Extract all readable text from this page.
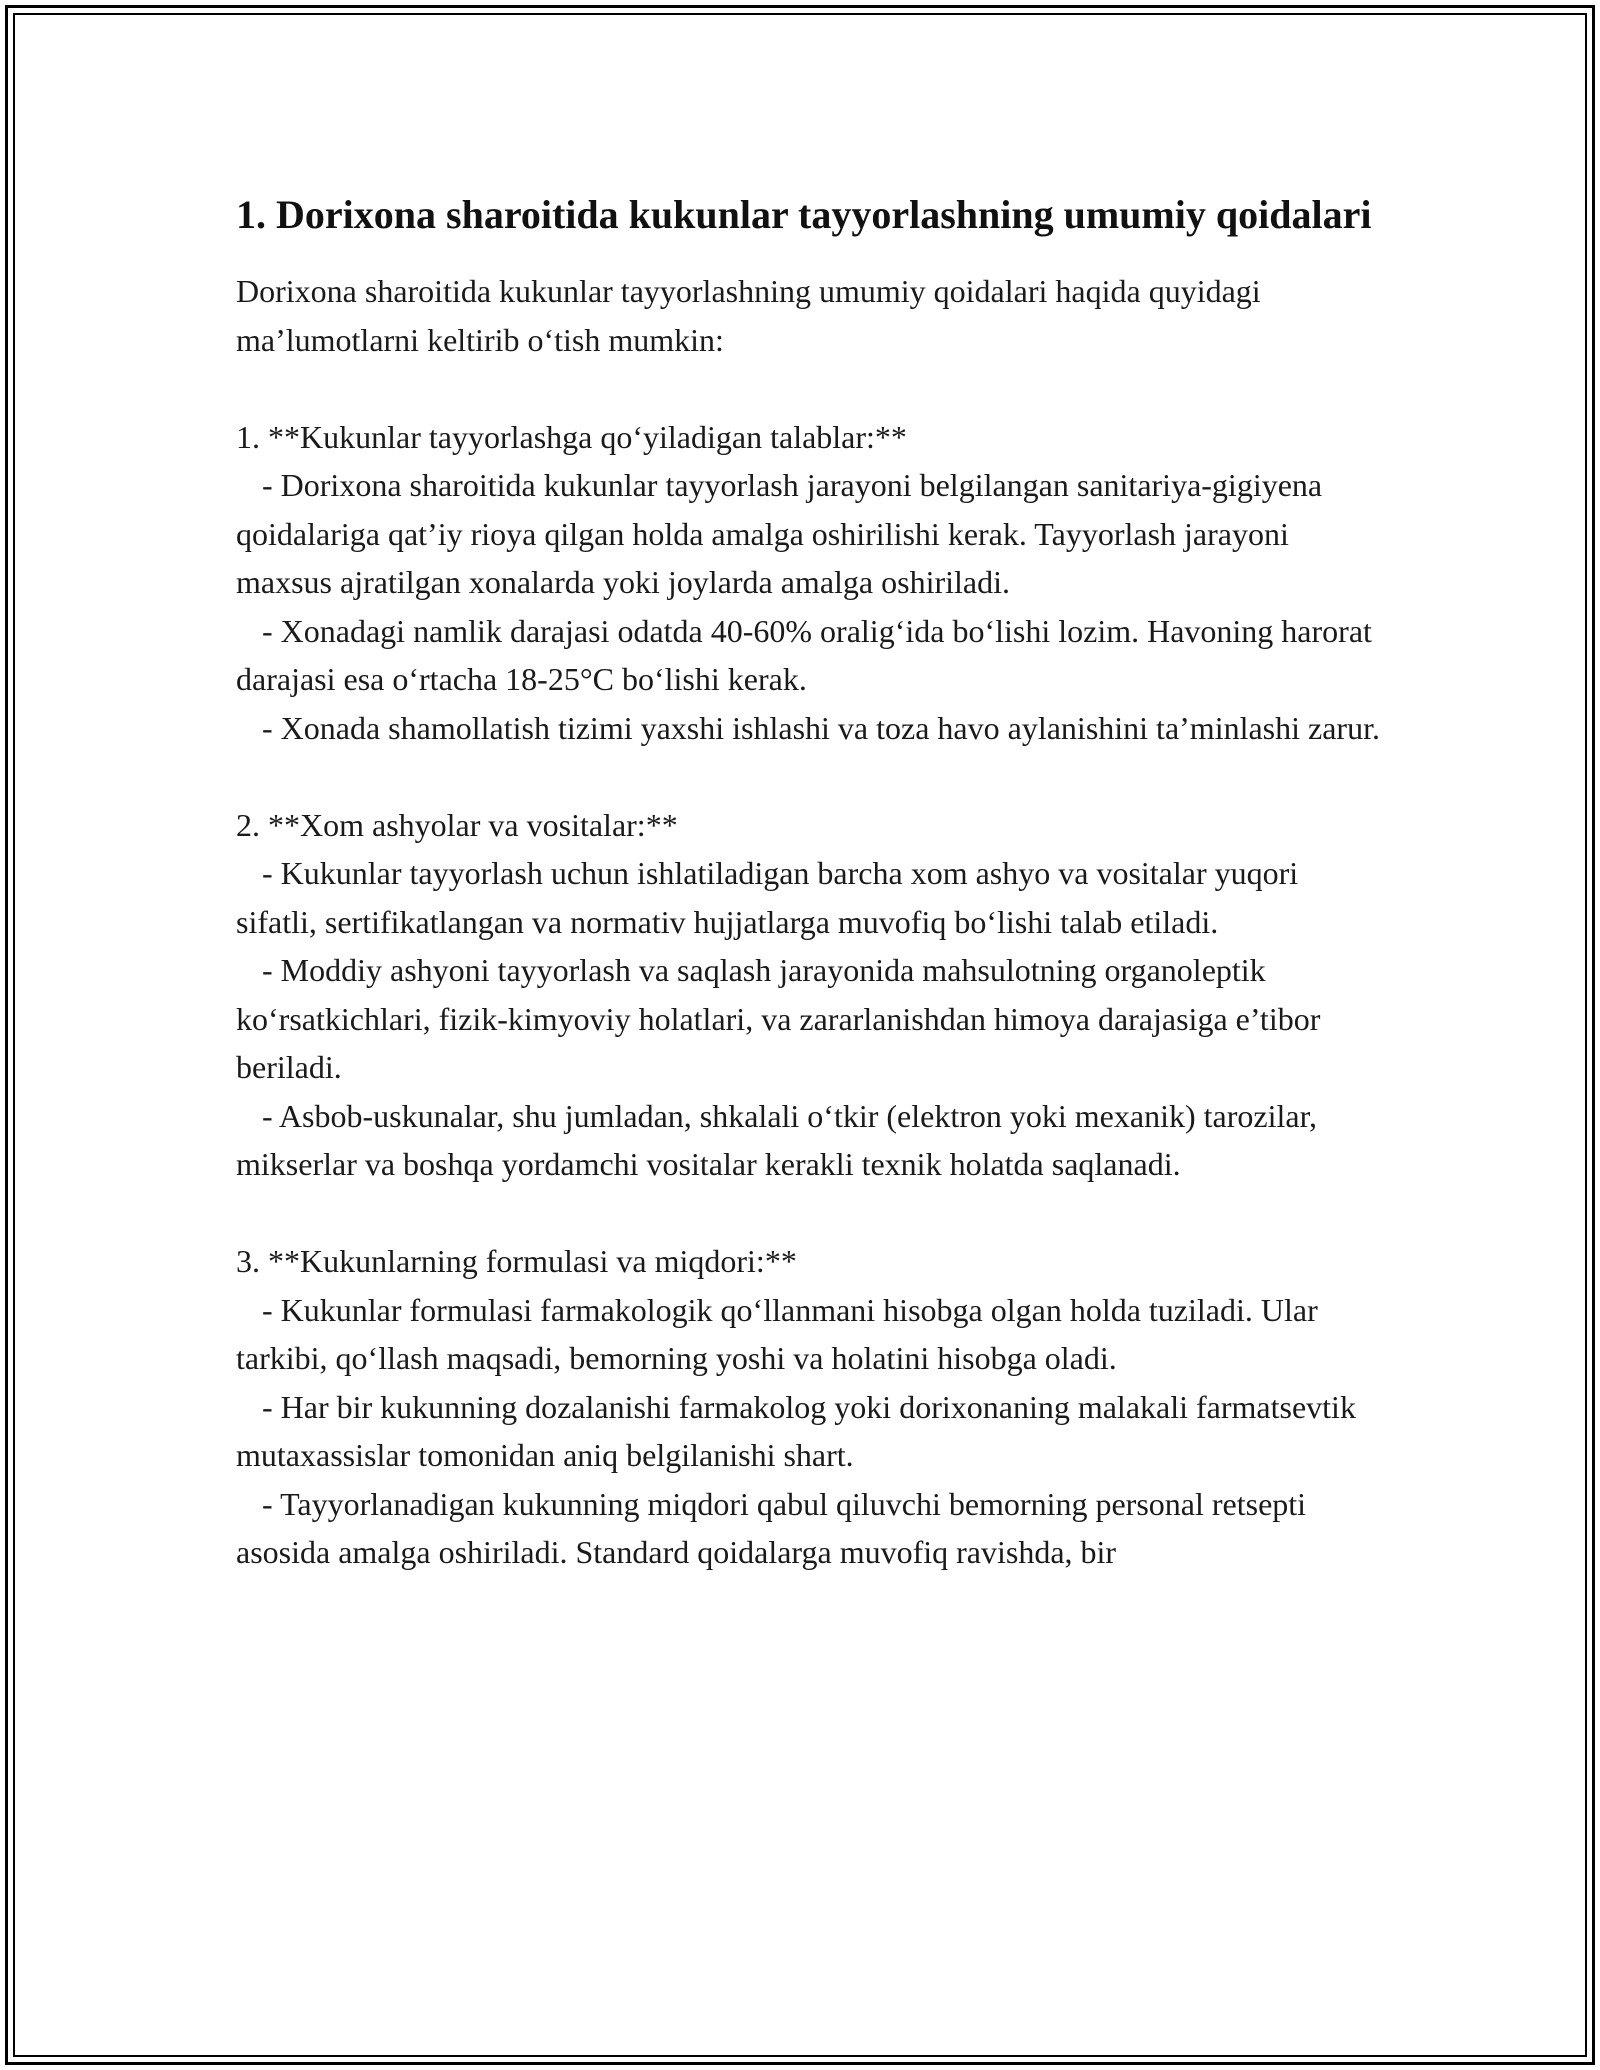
1. Dorixona sharoitida kukunlar tayyorlashning umumiy qoidalari

Dorixona sharoitida kukunlar tayyorlashning umumiy qoidalari haqida quyidagi ma’lumotlarni keltirib o‘tish mumkin:

1. **Kukunlar tayyorlashga qo‘yiladigan talablar:**

- Dorixona sharoitida kukunlar tayyorlash jarayoni belgilangan sanitariya-gigiyena qoidalariga qat’iy rioya qilgan holda amalga oshirilishi kerak. Tayyorlash jarayoni maxsus ajratilgan xonalarda yoki joylarda amalga oshiriladi.

- Xonadagi namlik darajasi odatda 40-60% oralig‘ida bo‘lishi lozim. Havoning harorat darajasi esa o‘rtacha 18-25°C bo‘lishi kerak.

- Xonada shamollatish tizimi yaxshi ishlashi va toza havo aylanishini ta’minlashi zarur.

2. **Xom ashyolar va vositalar:**

- Kukunlar tayyorlash uchun ishlatiladigan barcha xom ashyo va vositalar yuqori sifatli, sertifikatlangan va normativ hujjatlarga muvofiq bo‘lishi talab etiladi.

- Moddiy ashyoni tayyorlash va saqlash jarayonida mahsulotning organoleptik ko‘rsatkichlari, fizik-kimyoviy holatlari, va zararlanishdan himoya darajasiga e’tibor beriladi.

- Asbob-uskunalar, shu jumladan, shkalali o‘tkir (elektron yoki mexanik) tarozilar, mikserlar va boshqa yordamchi vositalar kerakli texnik holatda saqlanadi.

3. **Kukunlarning formulasi va miqdori:**

- Kukunlar formulasi farmakologik qo‘llanmani hisobga olgan holda tuziladi. Ular tarkibi, qo‘llash maqsadi, bemorning yoshi va holatini hisobga oladi.

- Har bir kukunning dozalanishi farmakolog yoki dorixonaning malakali farmatsevtik mutaxassislar tomonidan aniq belgilanishi shart.

- Tayyorlanadigan kukunning miqdori qabul qiluvchi bemorning personal retsepti asosida amalga oshiriladi. Standard qoidalarga muvofiq ravishda, bir
